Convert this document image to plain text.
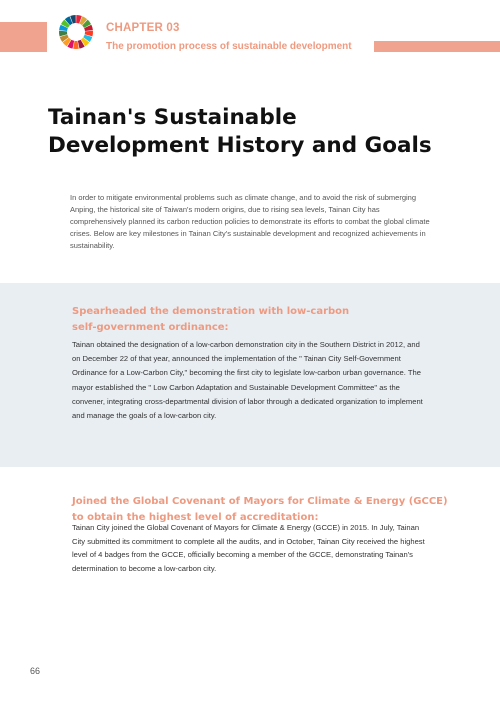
CHAPTER 03
The promotion process of sustainable development
Tainan's Sustainable
Development History and Goals
In order to mitigate environmental problems such as climate change, and to avoid the risk of submerging Anping, the historical site of Taiwan's modern origins, due to rising sea levels, Tainan City has comprehensively planned its carbon reduction policies to demonstrate its efforts to combat the global climate crises. Below are key milestones in Tainan City's sustainable development and recognized achievements in sustainability.
Spearheaded the demonstration with low-carbon
self-government ordinance:
Tainan obtained the designation of a low-carbon demonstration city in the Southern District in 2012, and on December 22 of that year, announced the implementation of the " Tainan City Self-Government Ordinance for a Low-Carbon City," becoming the first city to legislate low-carbon urban governance. The mayor established the " Low Carbon Adaptation and Sustainable Development Committee" as the convener, integrating cross-departmental division of labor through a dedicated organization to implement and manage the goals of a low-carbon city.
Joined the Global Covenant of Mayors for Climate & Energy (GCCE)
to obtain the highest level of accreditation:
Tainan City joined the Global Covenant of Mayors for Climate & Energy (GCCE) in 2015. In July, Tainan City submitted its commitment to complete all the audits, and in October, Tainan City received the highest level of 4 badges from the GCCE, officially becoming a member of the GCCE, demonstrating Tainan's determination to become a low-carbon city.
66
